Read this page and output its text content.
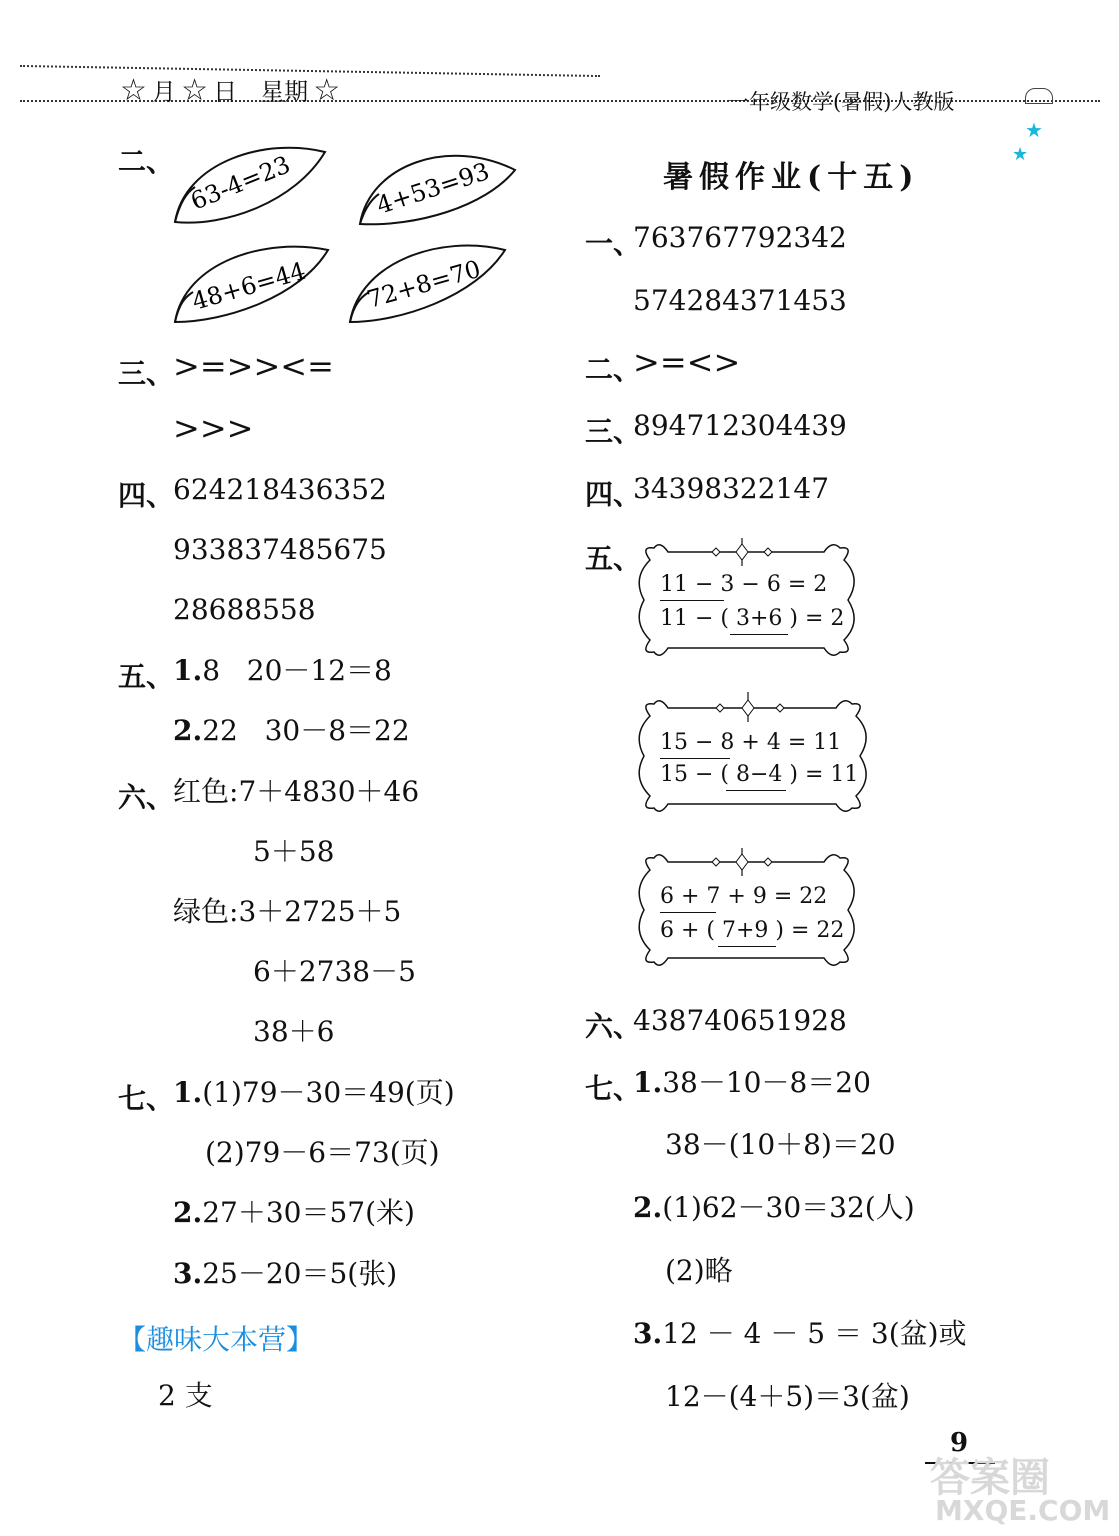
☆ 月 ☆ 日 星期 ☆	一年级数学(暑假)人教版
★
★
二、 63-4=23	4+53=93
48+6=44 72+8=70
三、
>=>><=
>>>
四、
624218436352
933837485675
28688558
五、
1.8   20－12＝8
2.22   30－8＝22
六、
红色:7＋4830＋46
5＋58
绿色:3＋2725＋5
6＋2738－5
38＋6
七、
1.(1)79－30＝49(页)
(2)79－6＝73(页)
2.27＋30＝57(米)
3.25－20＝5(张)
【趣味大本营】
2 支
暑假作业(十五)
一、
763767792342
574284371453
二、
>=<>
三、
894712304439
四、
34398322147
五、
11 − 3 − 6 = 2
11 − ( 3+6 ) = 2
15 − 8 + 4 = 11
15 − ( 8−4 ) = 11
6 + 7 + 9 = 22
6 + ( 7+9 ) = 22
六、
438740651928
七、
1.38－10－8＝20
38－(10＋8)＝20
2.(1)62－30＝32(人)
(2)略
3.12 － 4 － 5 ＝ 3(盆)或
12－(4＋5)＝3(盆)
9
答案圈
MXQE.COM
